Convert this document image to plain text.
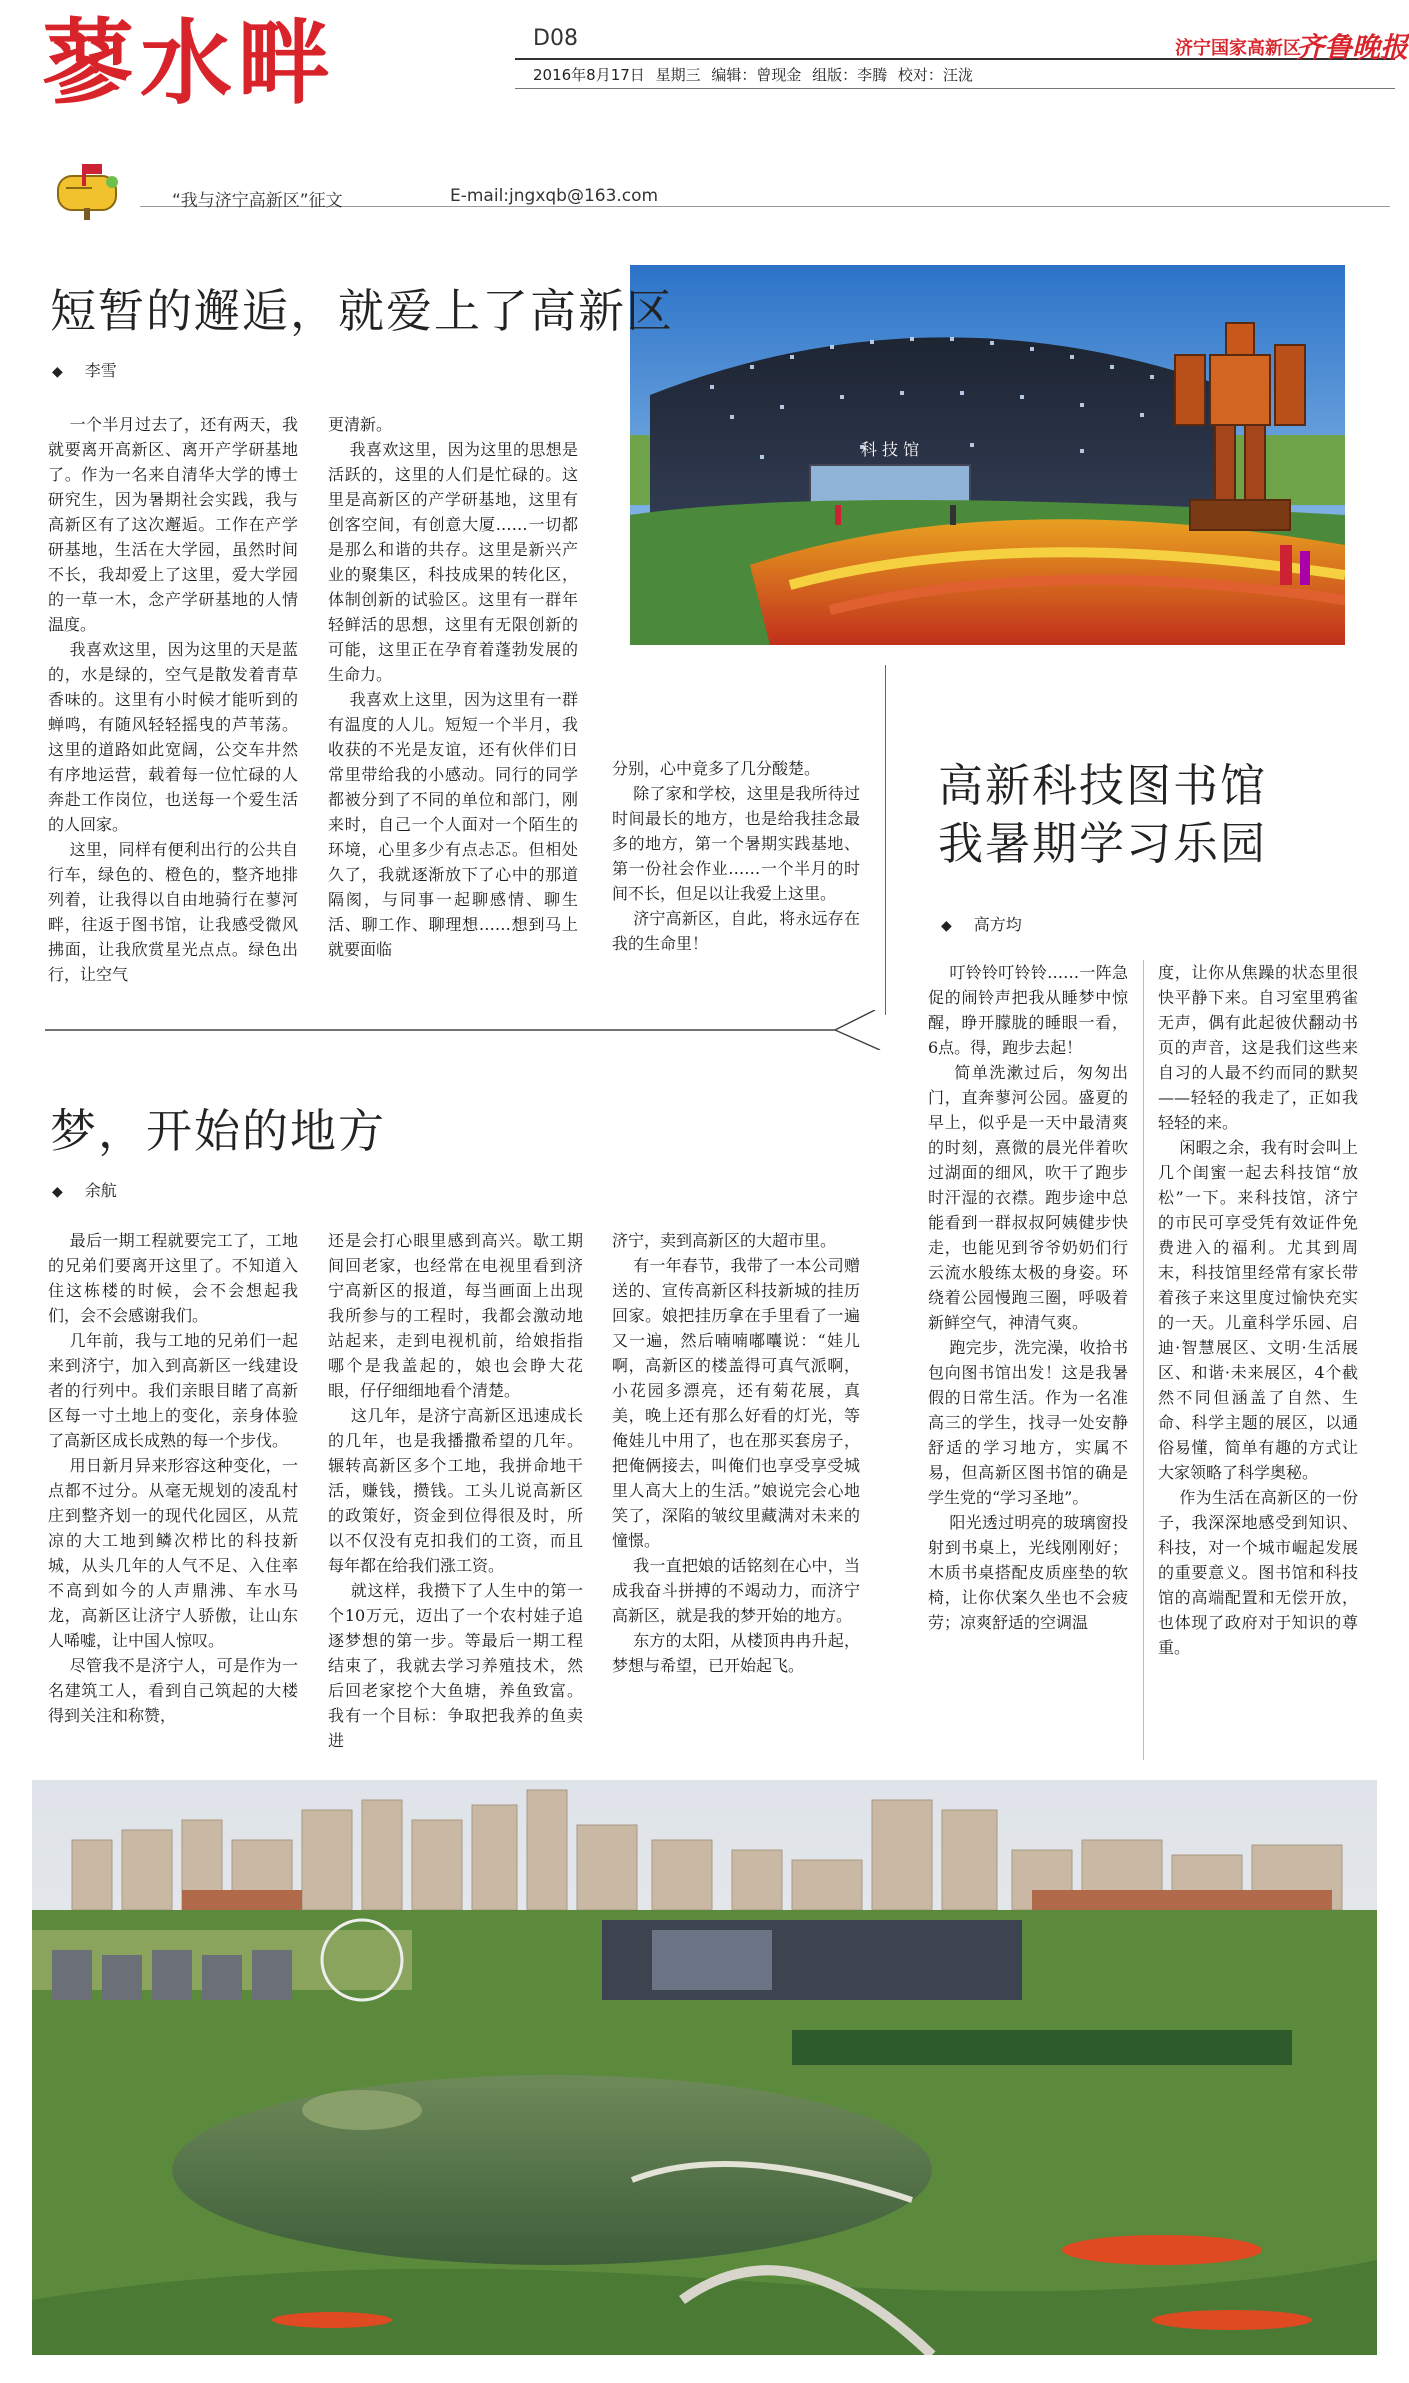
蓼水畔	D08
2016年8月17日 星期三 编辑：曾现金 组版：李腾 校对：汪泷
济宁国家高新区
齐鲁晚报
“我与济宁高新区”征文	E-mail:jngxqb@163.com
科 技 馆
短暂的邂逅，就爱上了高新区
◆ 李雪
一个半月过去了，还有两天，我就要离开高新区、离开产学研基地了。作为一名来自清华大学的博士研究生，因为暑期社会实践，我与高新区有了这次邂逅。工作在产学研基地，生活在大学园，虽然时间不长，我却爱上了这里，爱大学园的一草一木，念产学研基地的人情温度。
我喜欢这里，因为这里的天是蓝的，水是绿的，空气是散发着青草香味的。这里有小时候才能听到的蝉鸣，有随风轻轻摇曳的芦苇荡。这里的道路如此宽阔，公交车井然有序地运营，载着每一位忙碌的人奔赴工作岗位，也送每一个爱生活的人回家。
这里，同样有便利出行的公共自行车，绿色的、橙色的，整齐地排列着，让我得以自由地骑行在蓼河畔，往返于图书馆，让我感受微风拂面，让我欣赏星光点点。绿色出行，让空气
更清新。
我喜欢这里，因为这里的思想是活跃的，这里的人们是忙碌的。这里是高新区的产学研基地，这里有创客空间，有创意大厦……一切都是那么和谐的共存。这里是新兴产业的聚集区，科技成果的转化区，体制创新的试验区。这里有一群年轻鲜活的思想，这里有无限创新的可能，这里正在孕育着蓬勃发展的生命力。
我喜欢上这里，因为这里有一群有温度的人儿。短短一个半月，我收获的不光是友谊，还有伙伴们日常里带给我的小感动。同行的同学都被分到了不同的单位和部门，刚来时，自己一个人面对一个陌生的环境，心里多少有点忐忑。但相处久了，我就逐渐放下了心中的那道隔阂，与同事一起聊感情、聊生活、聊工作、聊理想……想到马上就要面临
分别，心中竟多了几分酸楚。
除了家和学校，这里是我所待过时间最长的地方，也是给我挂念最多的地方，第一个暑期实践基地、第一份社会作业……一个半月的时间不长，但足以让我爱上这里。
济宁高新区，自此，将永远存在我的生命里！
高新科技图书馆
我暑期学习乐园
◆ 高方均
叮铃铃叮铃铃……一阵急促的闹铃声把我从睡梦中惊醒，睁开朦胧的睡眼一看，6点。得，跑步去起！
简单洗漱过后，匆匆出门，直奔蓼河公园。盛夏的早上，似乎是一天中最清爽的时刻，熹微的晨光伴着吹过湖面的细风，吹干了跑步时汗湿的衣襟。跑步途中总能看到一群叔叔阿姨健步快走，也能见到爷爷奶奶们行云流水般练太极的身姿。环绕着公园慢跑三圈，呼吸着新鲜空气，神清气爽。
跑完步，洗完澡，收拾书包向图书馆出发！这是我暑假的日常生活。作为一名准高三的学生，找寻一处安静舒适的学习地方，实属不易，但高新区图书馆的确是学生党的“学习圣地”。
阳光透过明亮的玻璃窗投射到书桌上，光线刚刚好；木质书桌搭配皮质座垫的软椅，让你伏案久坐也不会疲劳；凉爽舒适的空调温
度，让你从焦躁的状态里很快平静下来。自习室里鸦雀无声，偶有此起彼伏翻动书页的声音，这是我们这些来自习的人最不约而同的默契——轻轻的我走了，正如我轻轻的来。
闲暇之余，我有时会叫上几个闺蜜一起去科技馆“放松”一下。来科技馆，济宁的市民可享受凭有效证件免费进入的福利。尤其到周末，科技馆里经常有家长带着孩子来这里度过愉快充实的一天。儿童科学乐园、启迪·智慧展区、文明·生活展区、和谐·未来展区，4个截然不同但涵盖了自然、生命、科学主题的展区，以通俗易懂，简单有趣的方式让大家领略了科学奥秘。
作为生活在高新区的一份子，我深深地感受到知识、科技，对一个城市崛起发展的重要意义。图书馆和科技馆的高端配置和无偿开放，也体现了政府对于知识的尊重。
梦，开始的地方
◆ 余航
最后一期工程就要完工了，工地的兄弟们要离开这里了。不知道入住这栋楼的时候，会不会想起我们，会不会感谢我们。
几年前，我与工地的兄弟们一起来到济宁，加入到高新区一线建设者的行列中。我们亲眼目睹了高新区每一寸土地上的变化，亲身体验了高新区成长成熟的每一个步伐。
用日新月异来形容这种变化，一点都不过分。从毫无规划的凌乱村庄到整齐划一的现代化园区，从荒凉的大工地到鳞次栉比的科技新城，从头几年的人气不足、入住率不高到如今的人声鼎沸、车水马龙，高新区让济宁人骄傲，让山东人唏嘘，让中国人惊叹。
尽管我不是济宁人，可是作为一名建筑工人，看到自己筑起的大楼得到关注和称赞，
还是会打心眼里感到高兴。歇工期间回老家，也经常在电视里看到济宁高新区的报道，每当画面上出现我所参与的工程时，我都会激动地站起来，走到电视机前，给娘指指哪个是我盖起的，娘也会睁大花眼，仔仔细细地看个清楚。
这几年，是济宁高新区迅速成长的几年，也是我播撒希望的几年。辗转高新区多个工地，我拼命地干活，赚钱，攒钱。工头儿说高新区的政策好，资金到位得很及时，所以不仅没有克扣我们的工资，而且每年都在给我们涨工资。
就这样，我攒下了人生中的第一个10万元，迈出了一个农村娃子追逐梦想的第一步。等最后一期工程结束了，我就去学习养殖技术，然后回老家挖个大鱼塘，养鱼致富。我有一个目标：争取把我养的鱼卖进
济宁，卖到高新区的大超市里。
有一年春节，我带了一本公司赠送的、宣传高新区科技新城的挂历回家。娘把挂历拿在手里看了一遍又一遍，然后喃喃嘟囔说：“娃儿啊，高新区的楼盖得可真气派啊，小花园多漂亮，还有菊花展，真美，晚上还有那么好看的灯光，等俺娃儿中用了，也在那买套房子，把俺俩接去，叫俺们也享受享受城里人高大上的生活。”娘说完会心地笑了，深陷的皱纹里藏满对未来的憧憬。
我一直把娘的话铭刻在心中，当成我奋斗拼搏的不竭动力，而济宁高新区，就是我的梦开始的地方。
东方的太阳，从楼顶冉冉升起，梦想与希望，已开始起飞。
